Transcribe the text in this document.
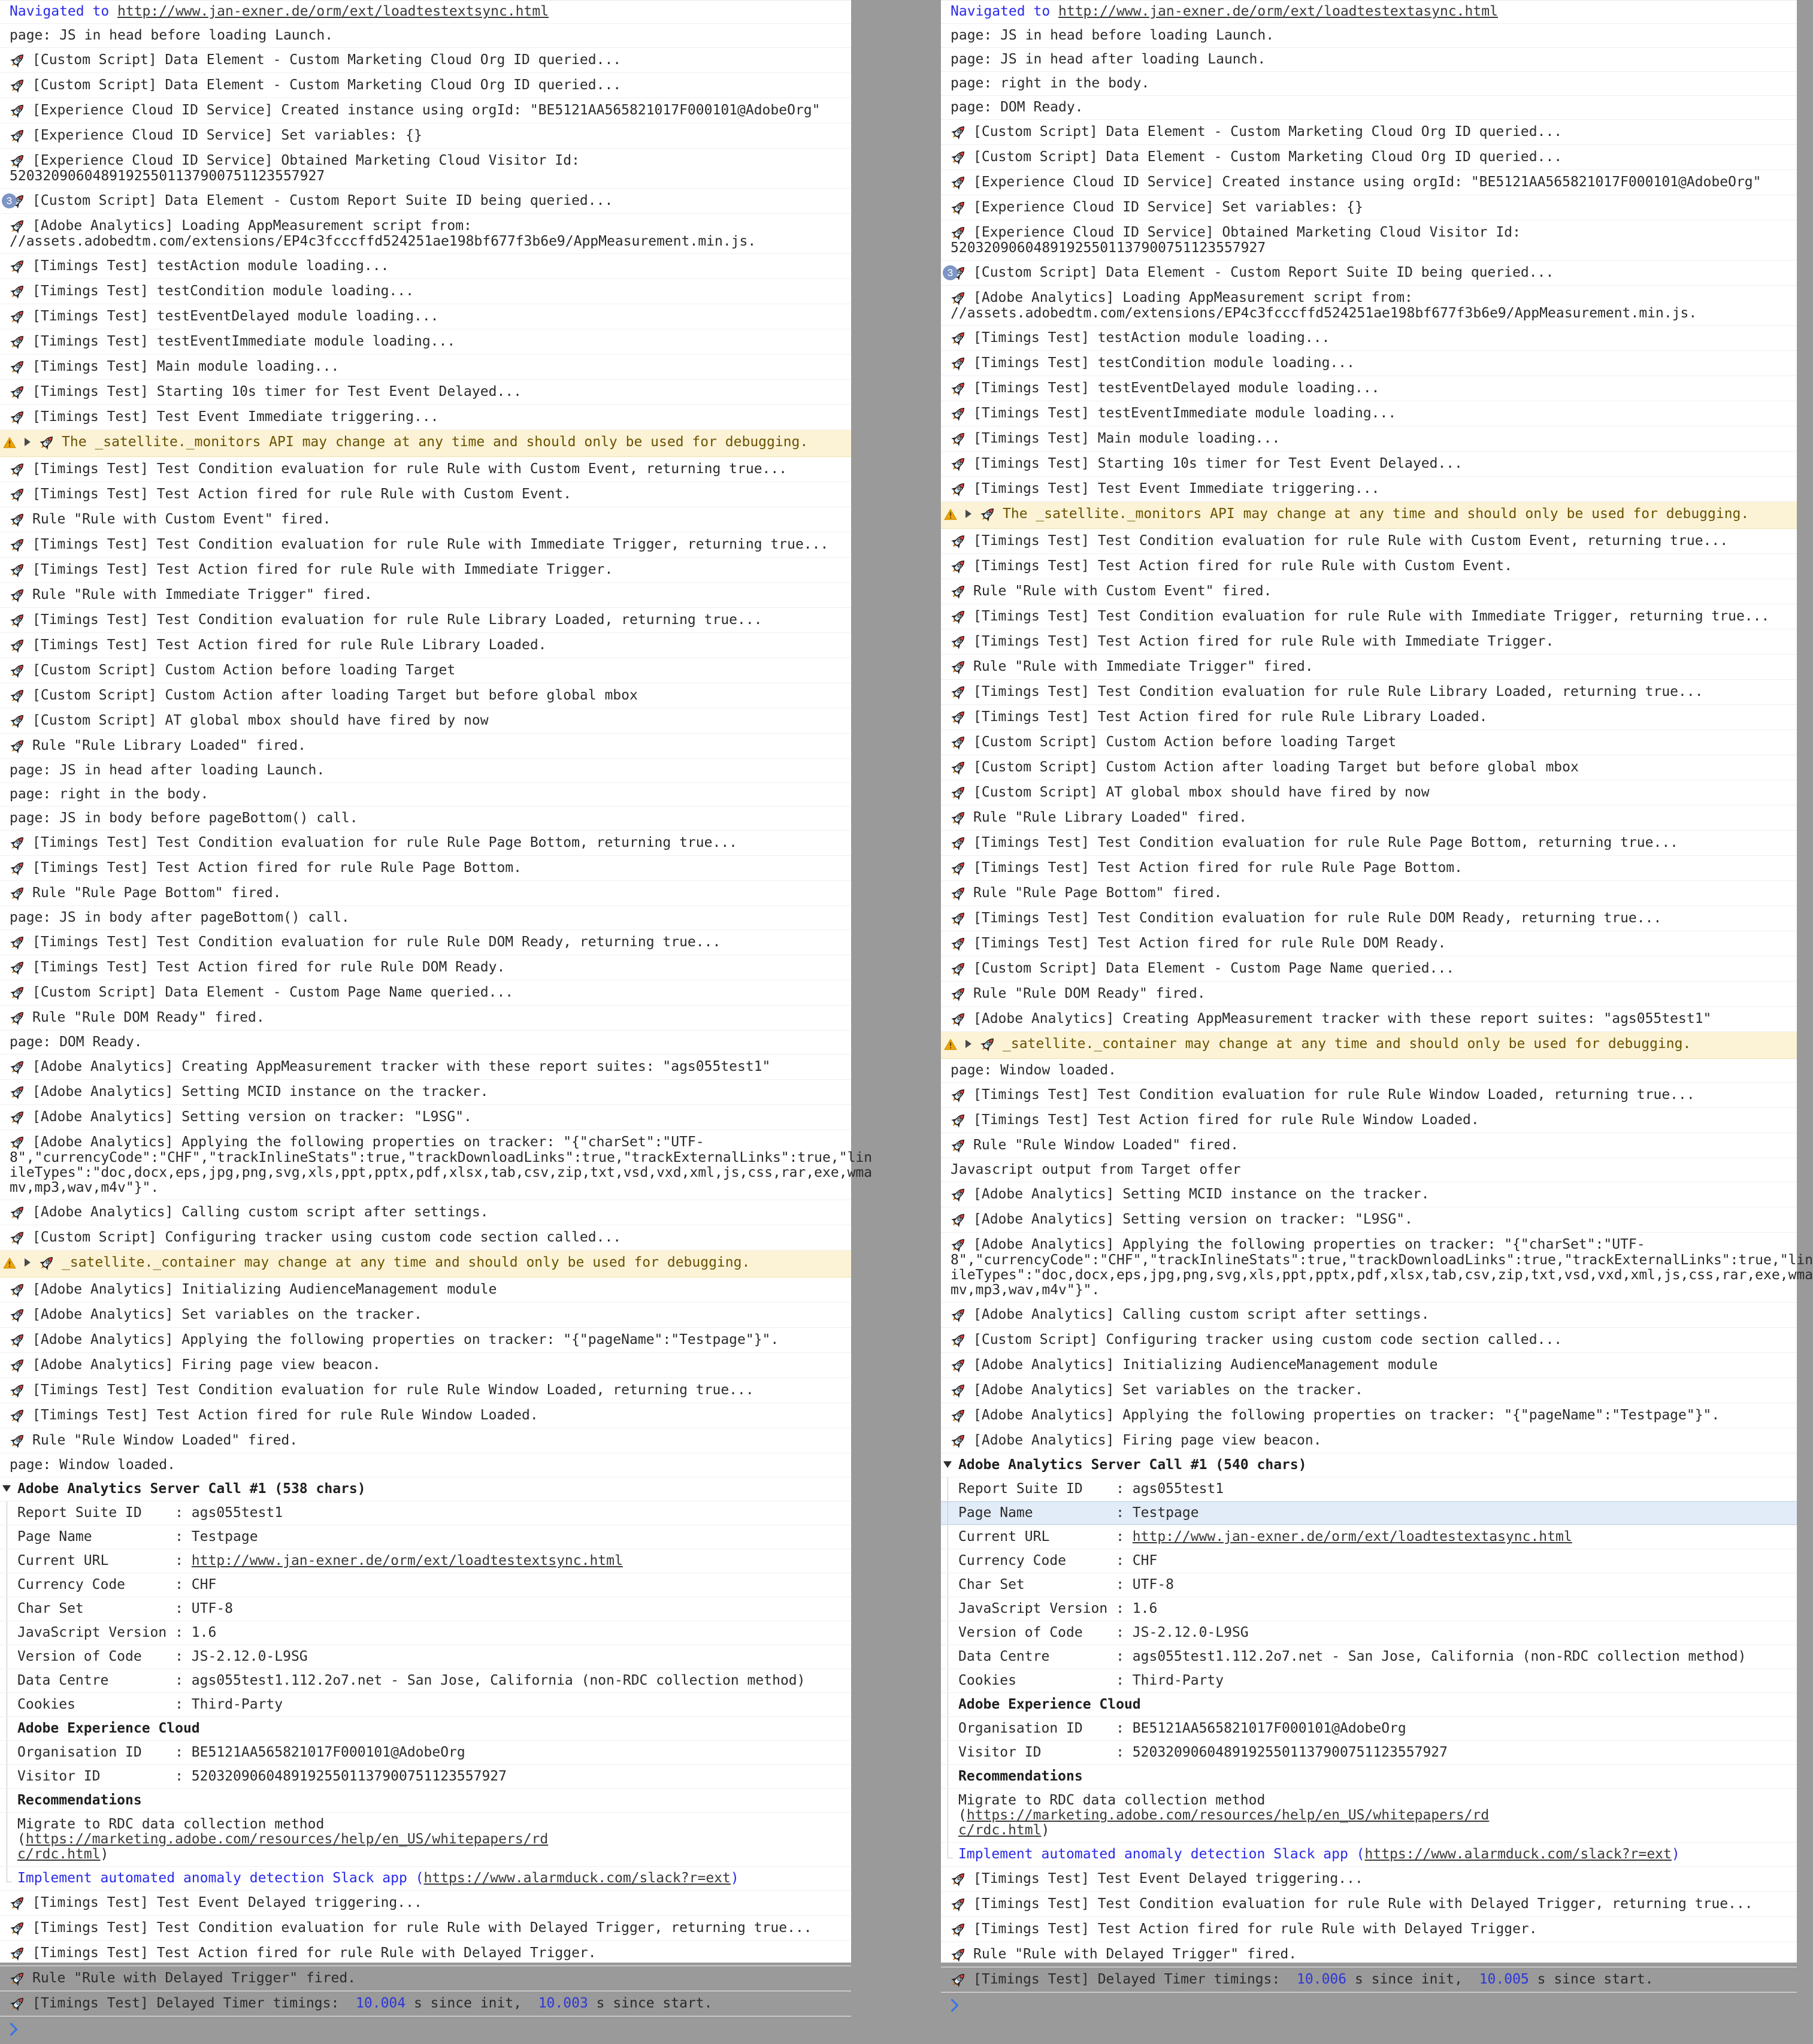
Navigated to http://www.jan-exner.de/orm/ext/loadtestextsync.html
page: JS in head before loading Launch.
[Custom Script] Data Element - Custom Marketing Cloud Org ID queried...
[Custom Script] Data Element - Custom Marketing Cloud Org ID queried...
[Experience Cloud ID Service] Created instance using orgId: "BE5121AA565821017F000101@AdobeOrg"
[Experience Cloud ID Service] Set variables: {}
[Experience Cloud ID Service] Obtained Marketing Cloud Visitor Id:
52032090604891925501137900751123557927
3	[Custom Script] Data Element - Custom Report Suite ID being queried...
[Adobe Analytics] Loading AppMeasurement script from:
//assets.adobedtm.com/extensions/EP4c3fcccffd524251ae198bf677f3b6e9/AppMeasurement.min.js.
[Timings Test] testAction module loading...
[Timings Test] testCondition module loading...
[Timings Test] testEventDelayed module loading...
[Timings Test] testEventImmediate module loading...
[Timings Test] Main module loading...
[Timings Test] Starting 10s timer for Test Event Delayed...
[Timings Test] Test Event Immediate triggering...
The _satellite._monitors API may change at any time and should only be used for debugging.
[Timings Test] Test Condition evaluation for rule Rule with Custom Event, returning true...
[Timings Test] Test Action fired for rule Rule with Custom Event.
Rule "Rule with Custom Event" fired.
[Timings Test] Test Condition evaluation for rule Rule with Immediate Trigger, returning true...
[Timings Test] Test Action fired for rule Rule with Immediate Trigger.
Rule "Rule with Immediate Trigger" fired.
[Timings Test] Test Condition evaluation for rule Rule Library Loaded, returning true...
[Timings Test] Test Action fired for rule Rule Library Loaded.
[Custom Script] Custom Action before loading Target
[Custom Script] Custom Action after loading Target but before global mbox
[Custom Script] AT global mbox should have fired by now
Rule "Rule Library Loaded" fired.
page: JS in head after loading Launch.
page: right in the body.
page: JS in body before pageBottom() call.
[Timings Test] Test Condition evaluation for rule Rule Page Bottom, returning true...
[Timings Test] Test Action fired for rule Rule Page Bottom.
Rule "Rule Page Bottom" fired.
page: JS in body after pageBottom() call.
[Timings Test] Test Condition evaluation for rule Rule DOM Ready, returning true...
[Timings Test] Test Action fired for rule Rule DOM Ready.
[Custom Script] Data Element - Custom Page Name queried...
Rule "Rule DOM Ready" fired.
page: DOM Ready.
[Adobe Analytics] Creating AppMeasurement tracker with these report suites: "ags055test1"
[Adobe Analytics] Setting MCID instance on the tracker.
[Adobe Analytics] Setting version on tracker: "L9SG".
[Adobe Analytics] Applying the following properties on tracker: "{"charSet":"UTF-
8","currencyCode":"CHF","trackInlineStats":true,"trackDownloadLinks":true,"trackExternalLinks":true,"lin
ileTypes":"doc,docx,eps,jpg,png,svg,xls,ppt,pptx,pdf,xlsx,tab,csv,zip,txt,vsd,vxd,xml,js,css,rar,exe,wma
mv,mp3,wav,m4v"}".
[Adobe Analytics] Calling custom script after settings.
[Custom Script] Configuring tracker using custom code section called...
_satellite._container may change at any time and should only be used for debugging.
[Adobe Analytics] Initializing AudienceManagement module
[Adobe Analytics] Set variables on the tracker.
[Adobe Analytics] Applying the following properties on tracker: "{"pageName":"Testpage"}".
[Adobe Analytics] Firing page view beacon.
[Timings Test] Test Condition evaluation for rule Rule Window Loaded, returning true...
[Timings Test] Test Action fired for rule Rule Window Loaded.
Rule "Rule Window Loaded" fired.
page: Window loaded.
Adobe Analytics Server Call #1 (538 chars)
Report Suite ID    : ags055test1
Page Name          : Testpage
Current URL        : http://www.jan-exner.de/orm/ext/loadtestextsync.html
Currency Code      : CHF
Char Set           : UTF-8
JavaScript Version : 1.6
Version of Code    : JS-2.12.0-L9SG
Data Centre        : ags055test1.112.2o7.net - San Jose, California (non-RDC collection method)
Cookies            : Third-Party
Adobe Experience Cloud
Organisation ID    : BE5121AA565821017F000101@AdobeOrg
Visitor ID         : 52032090604891925501137900751123557927
Recommendations
Migrate to RDC data collection method (https://marketing.adobe.com/resources/help/en_US/whitepapers/rd
c/rdc.html)
Implement automated anomaly detection Slack app (https://www.alarmduck.com/slack?r=ext)
[Timings Test] Test Event Delayed triggering...
[Timings Test] Test Condition evaluation for rule Rule with Delayed Trigger, returning true...
[Timings Test] Test Action fired for rule Rule with Delayed Trigger.
Rule "Rule with Delayed Trigger" fired.
[Timings Test] Delayed Timer timings:  10.004 s since init,  10.003 s since start.
Navigated to http://www.jan-exner.de/orm/ext/loadtestextasync.html
page: JS in head before loading Launch.
page: JS in head after loading Launch.
page: right in the body.
page: DOM Ready.
[Custom Script] Data Element - Custom Marketing Cloud Org ID queried...
[Custom Script] Data Element - Custom Marketing Cloud Org ID queried...
[Experience Cloud ID Service] Created instance using orgId: "BE5121AA565821017F000101@AdobeOrg"
[Experience Cloud ID Service] Set variables: {}
[Experience Cloud ID Service] Obtained Marketing Cloud Visitor Id:
52032090604891925501137900751123557927
3	[Custom Script] Data Element - Custom Report Suite ID being queried...
[Adobe Analytics] Loading AppMeasurement script from:
//assets.adobedtm.com/extensions/EP4c3fcccffd524251ae198bf677f3b6e9/AppMeasurement.min.js.
[Timings Test] testAction module loading...
[Timings Test] testCondition module loading...
[Timings Test] testEventDelayed module loading...
[Timings Test] testEventImmediate module loading...
[Timings Test] Main module loading...
[Timings Test] Starting 10s timer for Test Event Delayed...
[Timings Test] Test Event Immediate triggering...
The _satellite._monitors API may change at any time and should only be used for debugging.
[Timings Test] Test Condition evaluation for rule Rule with Custom Event, returning true...
[Timings Test] Test Action fired for rule Rule with Custom Event.
Rule "Rule with Custom Event" fired.
[Timings Test] Test Condition evaluation for rule Rule with Immediate Trigger, returning true...
[Timings Test] Test Action fired for rule Rule with Immediate Trigger.
Rule "Rule with Immediate Trigger" fired.
[Timings Test] Test Condition evaluation for rule Rule Library Loaded, returning true...
[Timings Test] Test Action fired for rule Rule Library Loaded.
[Custom Script] Custom Action before loading Target
[Custom Script] Custom Action after loading Target but before global mbox
[Custom Script] AT global mbox should have fired by now
Rule "Rule Library Loaded" fired.
[Timings Test] Test Condition evaluation for rule Rule Page Bottom, returning true...
[Timings Test] Test Action fired for rule Rule Page Bottom.
Rule "Rule Page Bottom" fired.
[Timings Test] Test Condition evaluation for rule Rule DOM Ready, returning true...
[Timings Test] Test Action fired for rule Rule DOM Ready.
[Custom Script] Data Element - Custom Page Name queried...
Rule "Rule DOM Ready" fired.
[Adobe Analytics] Creating AppMeasurement tracker with these report suites: "ags055test1"
_satellite._container may change at any time and should only be used for debugging.
page: Window loaded.
[Timings Test] Test Condition evaluation for rule Rule Window Loaded, returning true...
[Timings Test] Test Action fired for rule Rule Window Loaded.
Rule "Rule Window Loaded" fired.
Javascript output from Target offer
[Adobe Analytics] Setting MCID instance on the tracker.
[Adobe Analytics] Setting version on tracker: "L9SG".
[Adobe Analytics] Applying the following properties on tracker: "{"charSet":"UTF-
8","currencyCode":"CHF","trackInlineStats":true,"trackDownloadLinks":true,"trackExternalLinks":true,"lin
ileTypes":"doc,docx,eps,jpg,png,svg,xls,ppt,pptx,pdf,xlsx,tab,csv,zip,txt,vsd,vxd,xml,js,css,rar,exe,wma
mv,mp3,wav,m4v"}".
[Adobe Analytics] Calling custom script after settings.
[Custom Script] Configuring tracker using custom code section called...
[Adobe Analytics] Initializing AudienceManagement module
[Adobe Analytics] Set variables on the tracker.
[Adobe Analytics] Applying the following properties on tracker: "{"pageName":"Testpage"}".
[Adobe Analytics] Firing page view beacon.
Adobe Analytics Server Call #1 (540 chars)
Report Suite ID    : ags055test1
Page Name          : Testpage
Current URL        : http://www.jan-exner.de/orm/ext/loadtestextasync.html
Currency Code      : CHF
Char Set           : UTF-8
JavaScript Version : 1.6
Version of Code    : JS-2.12.0-L9SG
Data Centre        : ags055test1.112.2o7.net - San Jose, California (non-RDC collection method)
Cookies            : Third-Party
Adobe Experience Cloud
Organisation ID    : BE5121AA565821017F000101@AdobeOrg
Visitor ID         : 52032090604891925501137900751123557927
Recommendations
Migrate to RDC data collection method (https://marketing.adobe.com/resources/help/en_US/whitepapers/rd
c/rdc.html)
Implement automated anomaly detection Slack app (https://www.alarmduck.com/slack?r=ext)
[Timings Test] Test Event Delayed triggering...
[Timings Test] Test Condition evaluation for rule Rule with Delayed Trigger, returning true...
[Timings Test] Test Action fired for rule Rule with Delayed Trigger.
Rule "Rule with Delayed Trigger" fired.
[Timings Test] Delayed Timer timings:  10.006 s since init,  10.005 s since start.
